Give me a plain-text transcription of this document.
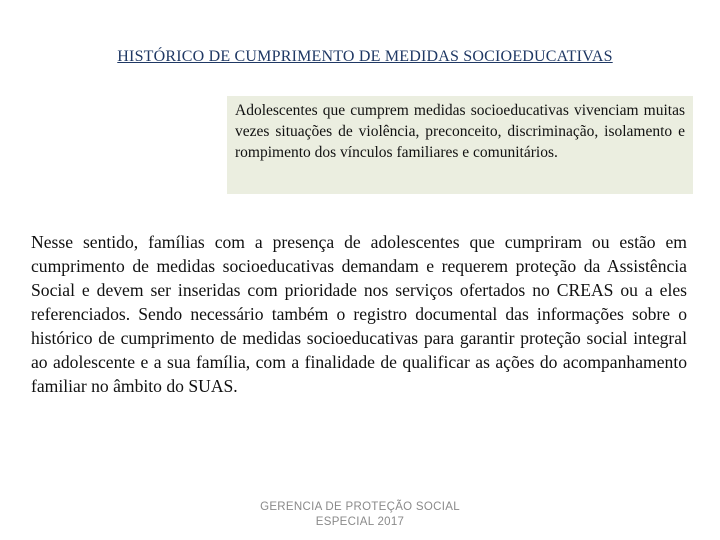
HISTÓRICO DE CUMPRIMENTO DE MEDIDAS SOCIOEDUCATIVAS

Adolescentes que cumprem medidas socioeducativas vivenciam muitas vezes situações de violência, preconceito, discriminação, isolamento e rompimento dos vínculos familiares e comunitários.

Nesse sentido, famílias com a presença de adolescentes que cumpriram ou estão em cumprimento de medidas socioeducativas demandam e requerem proteção da Assistência Social e devem ser inseridas com prioridade nos serviços ofertados no CREAS ou a eles referenciados. Sendo necessário também o registro documental das informações sobre o histórico de cumprimento de medidas socioeducativas para garantir proteção social integral ao adolescente e a sua família, com a finalidade de qualificar as ações do acompanhamento familiar no âmbito do SUAS.

GERENCIA DE PROTEÇÃO SOCIAL
ESPECIAL 2017
